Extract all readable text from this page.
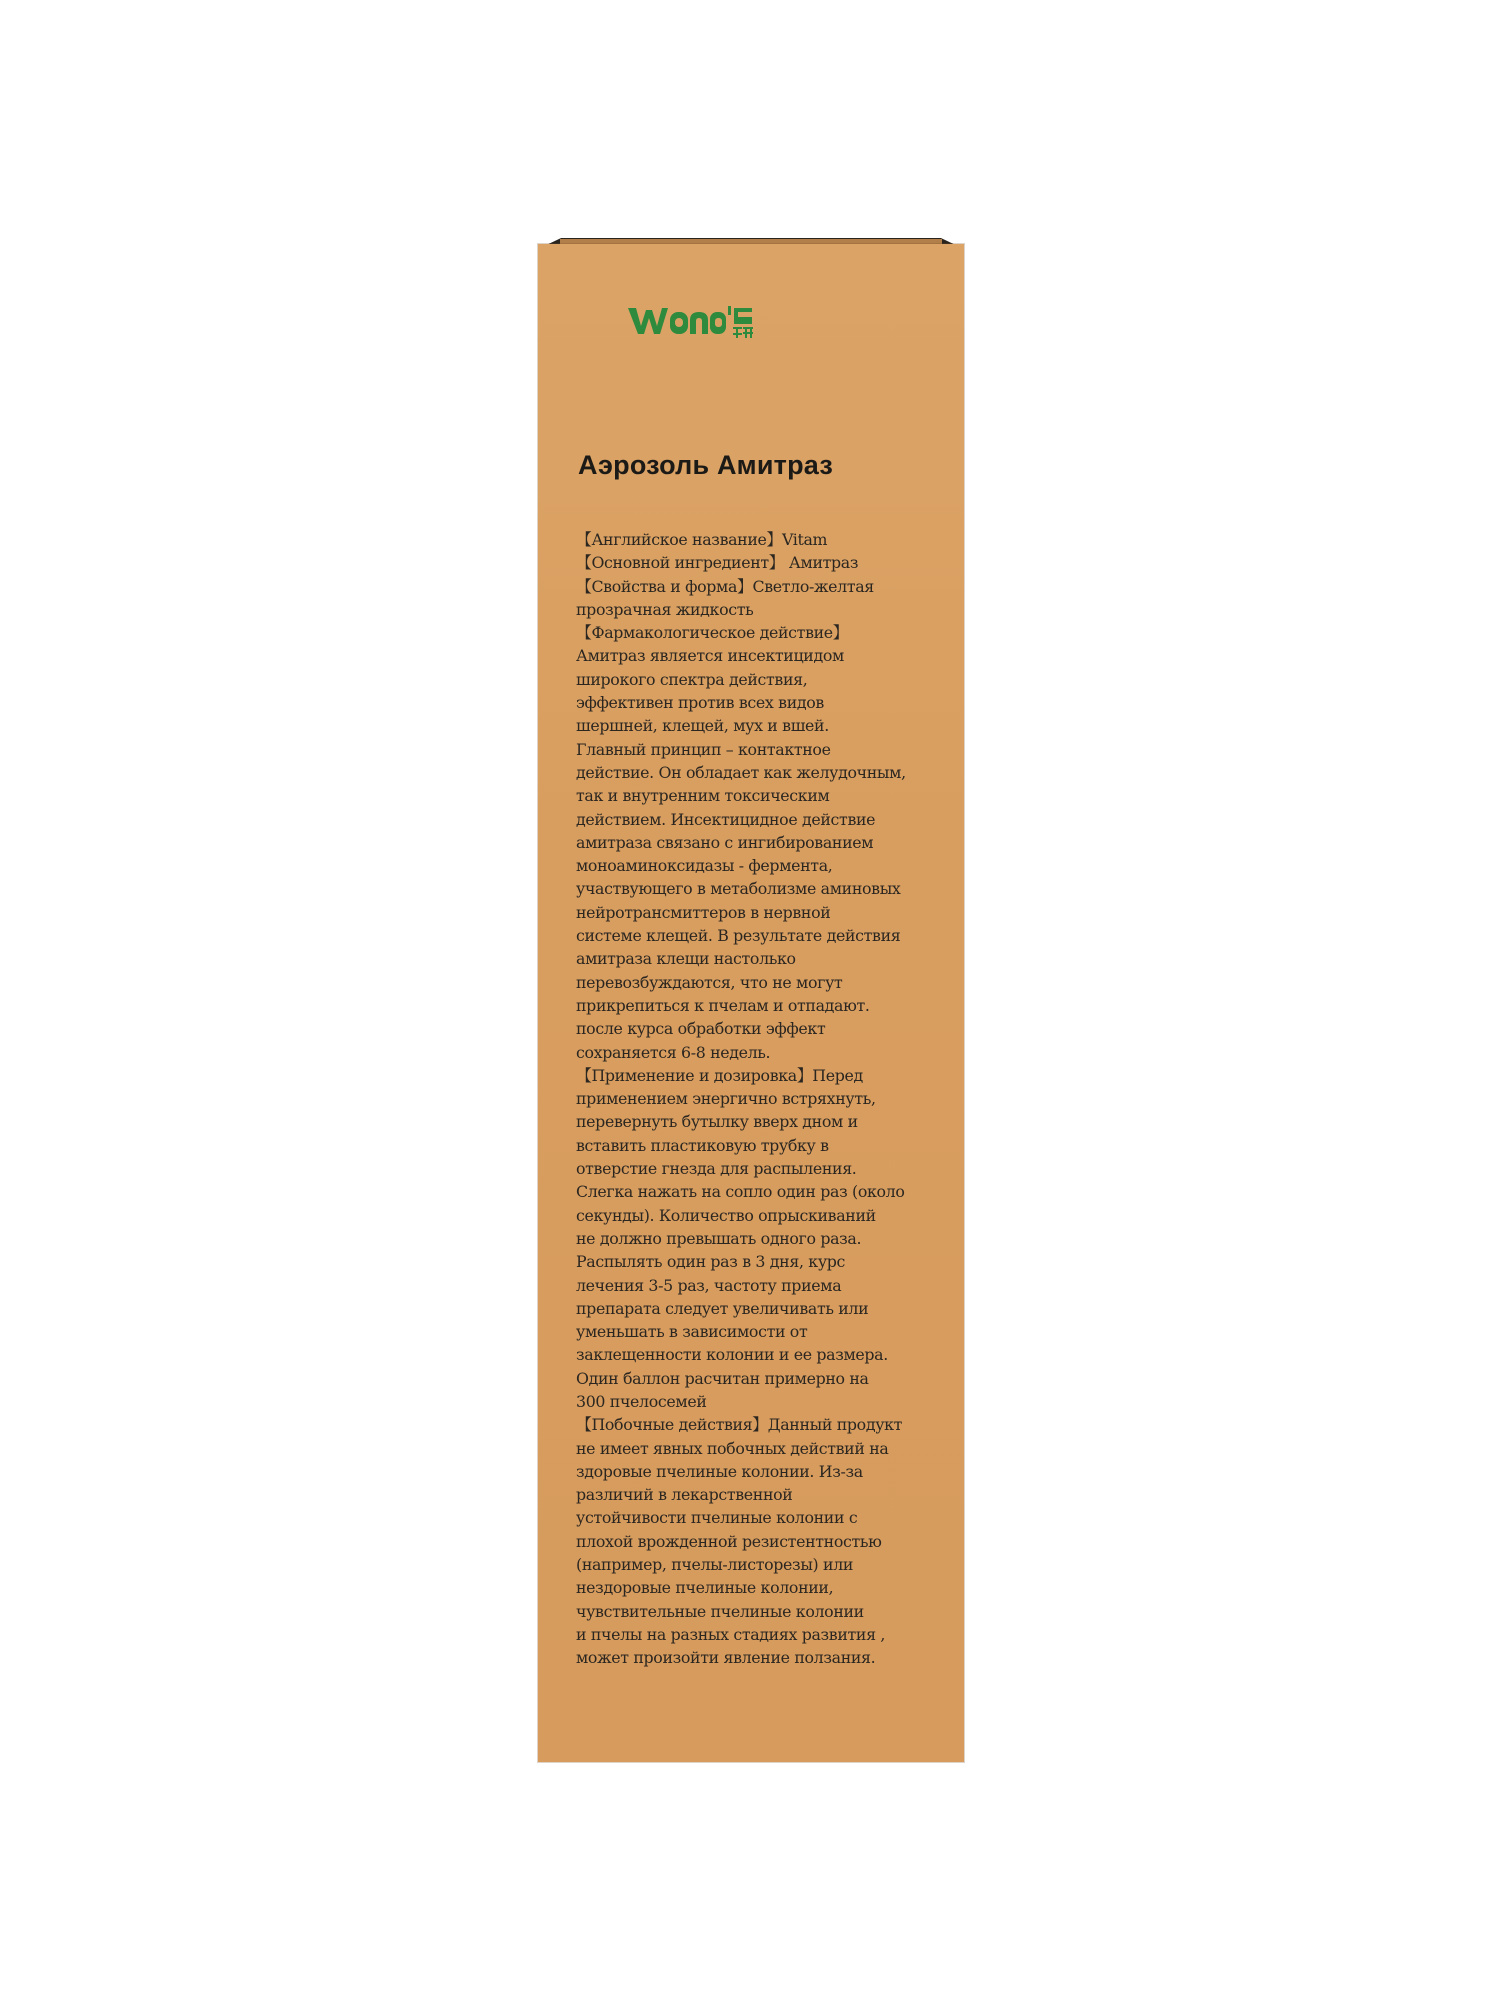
Аэрозоль Амитраз
【Английское название】Vitam
【Основной ингредиент】 Амитраз
【Свойства и форма】Светло-желтая
прозрачная жидкость
【Фармакологическое действие】
Амитраз является инсектицидом
широкого спектра действия,
эффективен против всех видов
шершней, клещей, мух и вшей.
Главный принцип – контактное
действие. Он обладает как желудочным,
так и внутренним токсическим
действием. Инсектицидное действие
амитраза связано с ингибированием
моноаминоксидазы - фермента,
участвующего в метаболизме аминовых
нейротрансмиттеров в нервной
системе клещей. В результате действия
амитраза клещи настолько
перевозбуждаются, что не могут
прикрепиться к пчелам и отпадают.
после курса обработки эффект
сохраняется 6-8 недель.
【Применение и дозировка】Перед
применением энергично встряхнуть,
перевернуть бутылку вверх дном и
вставить пластиковую трубку в
отверстие гнезда для распыления.
Слегка нажать на сопло один раз (около
секунды). Количество опрыскиваний
не должно превышать одного раза.
Распылять один раз в 3 дня, курс
лечения 3-5 раз, частоту приема
препарата следует увеличивать или
уменьшать в зависимости от
заклещенности колонии и ее размера.
Один баллон расчитан примерно на
300 пчелосемей
【Побочные действия】Данный продукт
не имеет явных побочных действий на
здоровые пчелиные колонии. Из-за
различий в лекарственной
устойчивости пчелиные колонии с
плохой врожденной резистентностью
(например, пчелы-листорезы) или
нездоровые пчелиные колонии,
чувствительные пчелиные колонии
и пчелы на разных стадиях развития ,
может произойти явление ползания.
